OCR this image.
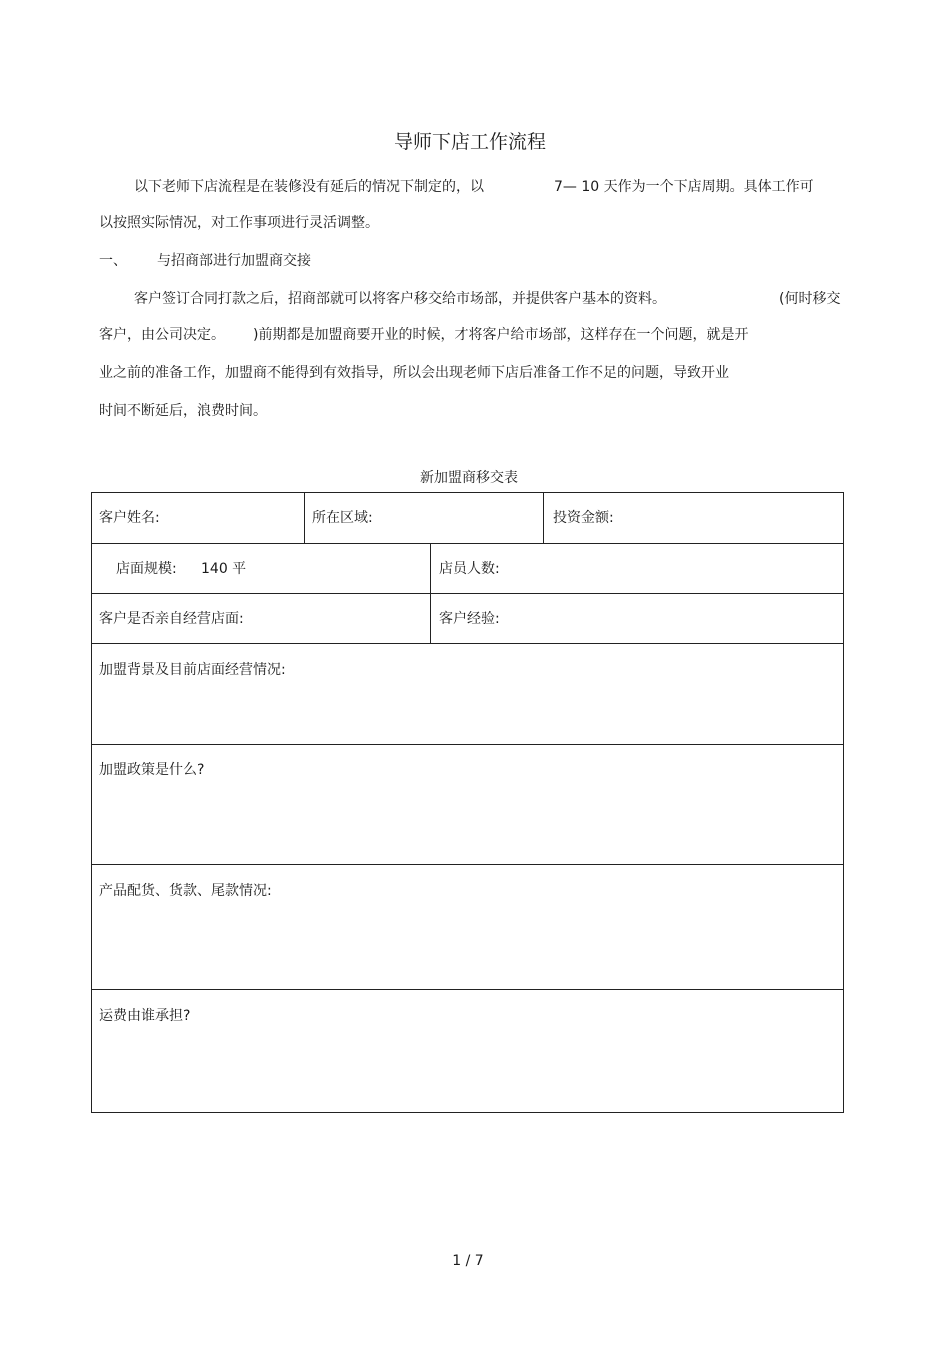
导师下店工作流程
以下老师下店流程是在装修没有延后的情况下制定的，以	7— 10 天作为一个下店周期。具体工作可
以按照实际情况，对工作事项进行灵活调整。
一、 与招商部进行加盟商交接
客户签订合同打款之后，招商部就可以将客户移交给市场部，并提供客户基本的资料。	(何时移交
客户，由公司决定。 )前期都是加盟商要开业的时候，才将客户给市场部，这样存在一个问题，就是开
业之前的准备工作，加盟商不能得到有效指导，所以会出现老师下店后准备工作不足的问题，导致开业
时间不断延后，浪费时间。
新加盟商移交表
客户姓名:	所在区域:	投资金额:
店面规模: 140 平	店员人数:
客户是否亲自经营店面:	客户经验:
加盟背景及目前店面经营情况:
加盟政策是什么?
产品配货、货款、尾款情况:
运费由谁承担?
1 / 7
